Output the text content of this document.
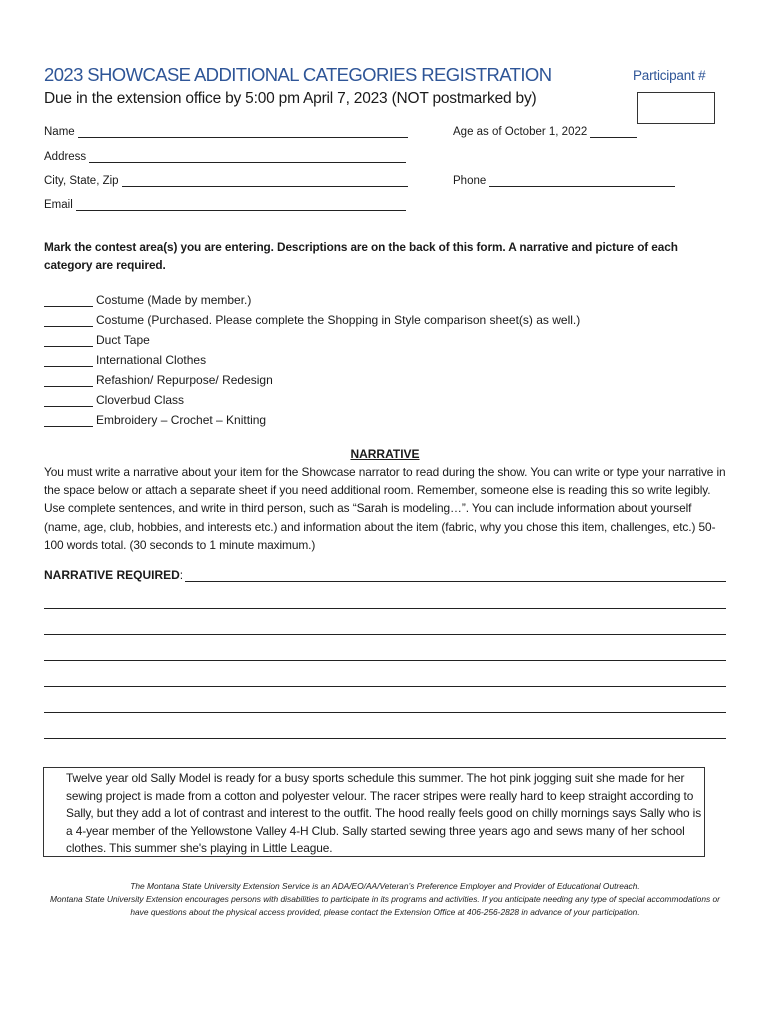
2023 SHOWCASE ADDITIONAL CATEGORIES REGISTRATION	Participant #
Due in the extension office by 5:00 pm April 7, 2023 (NOT postmarked by)
Name	Age as of October 1, 2022
Address
City, State, Zip	Phone
Email
Mark the contest area(s) you are entering. Descriptions are on the back of this form. A narrative and picture of each category are required.
Costume (Made by member.)
Costume (Purchased. Please complete the Shopping in Style comparison sheet(s) as well.)
Duct Tape
International Clothes
Refashion/ Repurpose/ Redesign
Cloverbud Class
Embroidery – Crochet – Knitting
NARRATIVE
You must write a narrative about your item for the Showcase narrator to read during the show. You can write or type your narrative in the space below or attach a separate sheet if you need additional room. Remember, someone else is reading this so write legibly. Use complete sentences, and write in third person, such as “Sarah is modeling…”. You can include information about yourself (name, age, club, hobbies, and interests etc.) and information about the item (fabric, why you chose this item, challenges, etc.) 50-100 words total. (30 seconds to 1 minute maximum.)
NARRATIVE REQUIRED :
Twelve year old Sally Model is ready for a busy sports schedule this summer. The hot pink jogging suit she made for her sewing project is made from a cotton and polyester velour. The racer stripes were really hard to keep straight according to Sally, but they add a lot of contrast and interest to the outfit. The hood really feels good on chilly mornings says Sally who is a 4-year member of the Yellowstone Valley 4-H Club. Sally started sewing three years ago and sews many of her school clothes. This summer she's playing in Little League.
The Montana State University Extension Service is an ADA/EO/AA/Veteran’s Preference Employer and Provider of Educational Outreach.
Montana State University Extension encourages persons with disabilities to participate in its programs and activities. If you anticipate needing any type of special accommodations or have questions about the physical access provided, please contact the Extension Office at 406-256-2828 in advance of your participation.
